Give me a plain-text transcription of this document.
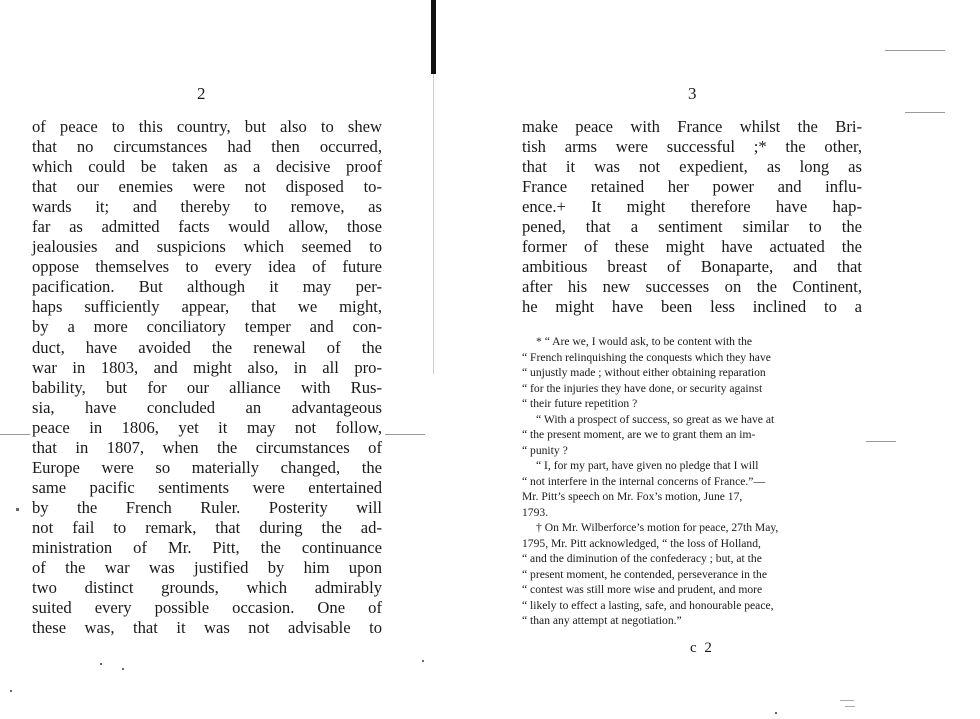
2
of peace to this country, but also to shew
that no circumstances had then occurred,
which could be taken as a decisive proof
that our enemies were not disposed to-
wards it; and thereby to remove, as
far as admitted facts would allow, those
jealousies and suspicions which seemed to
oppose themselves to every idea of future
pacification. But although it may per-
haps sufficiently appear, that we might,
by a more conciliatory temper and con-
duct, have avoided the renewal of the
war in 1803, and might also, in all pro-
bability, but for our alliance with Rus-
sia, have concluded an advantageous
peace in 1806, yet it may not follow,
that in 1807, when the circumstances of
Europe were so materially changed, the
same pacific sentiments were entertained
by the French Ruler. Posterity will
not fail to remark, that during the ad-
ministration of Mr. Pitt, the continuance
of the war was justified by him upon
two distinct grounds, which admirably
suited every possible occasion. One of
these was, that it was not advisable to
3
make peace with France whilst the Bri-
tish arms were successful ;* the other,
that it was not expedient, as long as
France retained her power and influ-
ence.+ It might therefore have hap-
pened, that a sentiment similar to the
former of these might have actuated the
ambitious breast of Bonaparte, and that
after his new successes on the Continent,
he might have been less inclined to a
* “ Are we, I would ask, to be content with the
“ French relinquishing the conquests which they have
“ unjustly made ; without either obtaining reparation
“ for the injuries they have done, or security against
“ their future repetition ?
“ With a prospect of success, so great as we have at
“ the present moment, are we to grant them an im-
“ punity ?
“ I, for my part, have given no pledge that I will
“ not interfere in the internal concerns of France.”—
Mr. Pitt’s speech on Mr. Fox’s motion, June 17,
1793.
† On Mr. Wilberforce’s motion for peace, 27th May,
1795, Mr. Pitt acknowledged, “ the loss of Holland,
“ and the diminution of the confederacy ; but, at the
“ present moment, he contended, perseverance in the
“ contest was still more wise and prudent, and more
“ likely to effect a lasting, safe, and honourable peace,
“ than any attempt at negotiation.”
c 2
